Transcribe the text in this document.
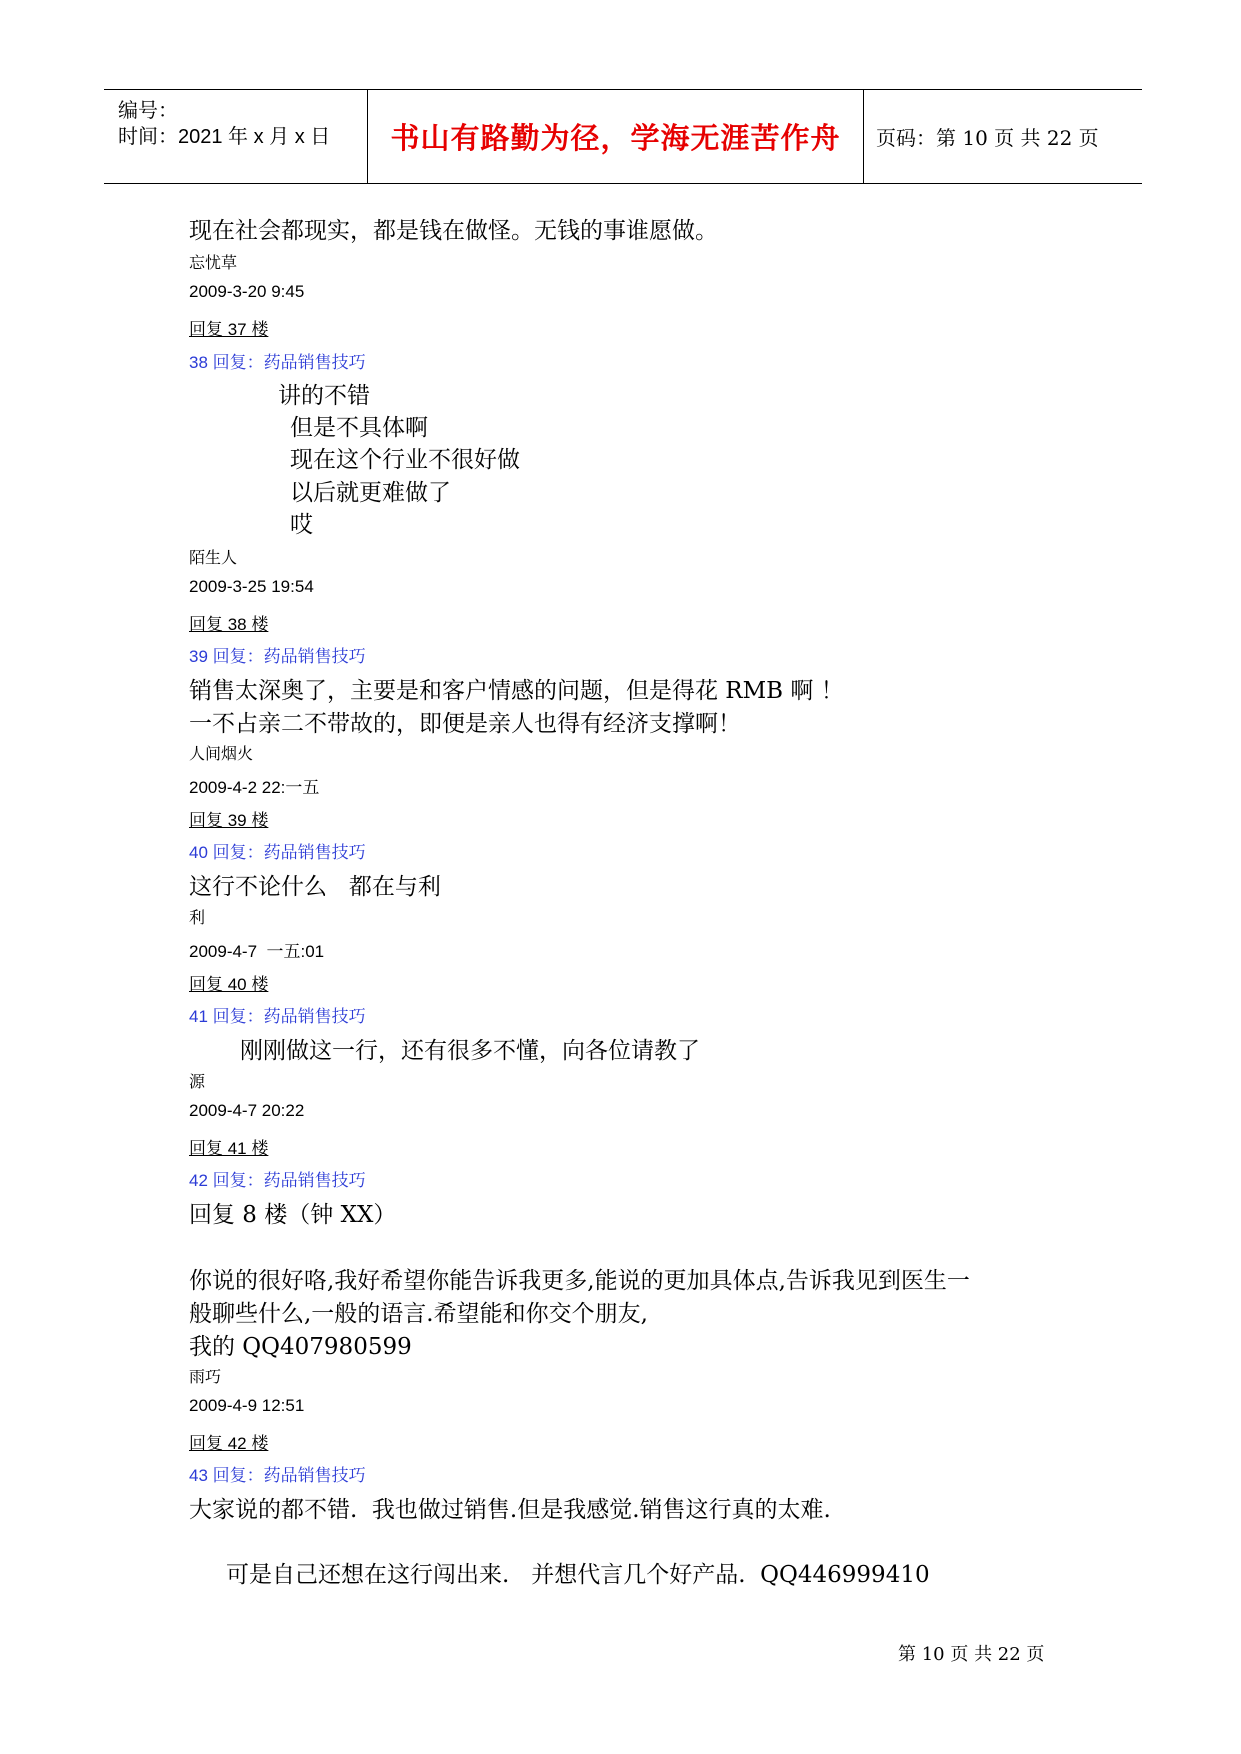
编号：
时间：2021 年 x 月 x 日 书山有路勤为径，学海无涯苦作舟 页码：第 10 页 共 22 页
现在社会都现实，都是钱在做怪。无钱的事谁愿做。
忘忧草
2009-3-20 9:45
回复 37 楼
38 回复：药品销售技巧
讲的不错
但是不具体啊
现在这个行业不很好做
以后就更难做了
哎
陌生人
2009-3-25 19:54
回复 38 楼
39 回复：药品销售技巧
销售太深奥了，主要是和客户情感的问题，但是得花 RMB 啊 ！
一不占亲二不带故的，即便是亲人也得有经济支撑啊！
人间烟火
2009-4-2 22:一五
回复 39 楼
40 回复：药品销售技巧
这行不论什么   都在与利
利
2009-4-7  一五:01
回复 40 楼
41 回复：药品销售技巧
刚刚做这一行，还有很多不懂，向各位请教了
源
2009-4-7 20:22
回复 41 楼
42 回复：药品销售技巧
回复 8 楼（钟 XX）
你说的很好咯,我好希望你能告诉我更多,能说的更加具体点,告诉我见到医生一
般聊些什么,一般的语言.希望能和你交个朋友,
我的 QQ407980599
雨巧
2009-4-9 12:51
回复 42 楼
43 回复：药品销售技巧
大家说的都不错.  我也做过销售.但是我感觉.销售这行真的太难.
可是自己还想在这行闯出来.   并想代言几个好产品.  QQ446999410
第 10 页 共 22 页
